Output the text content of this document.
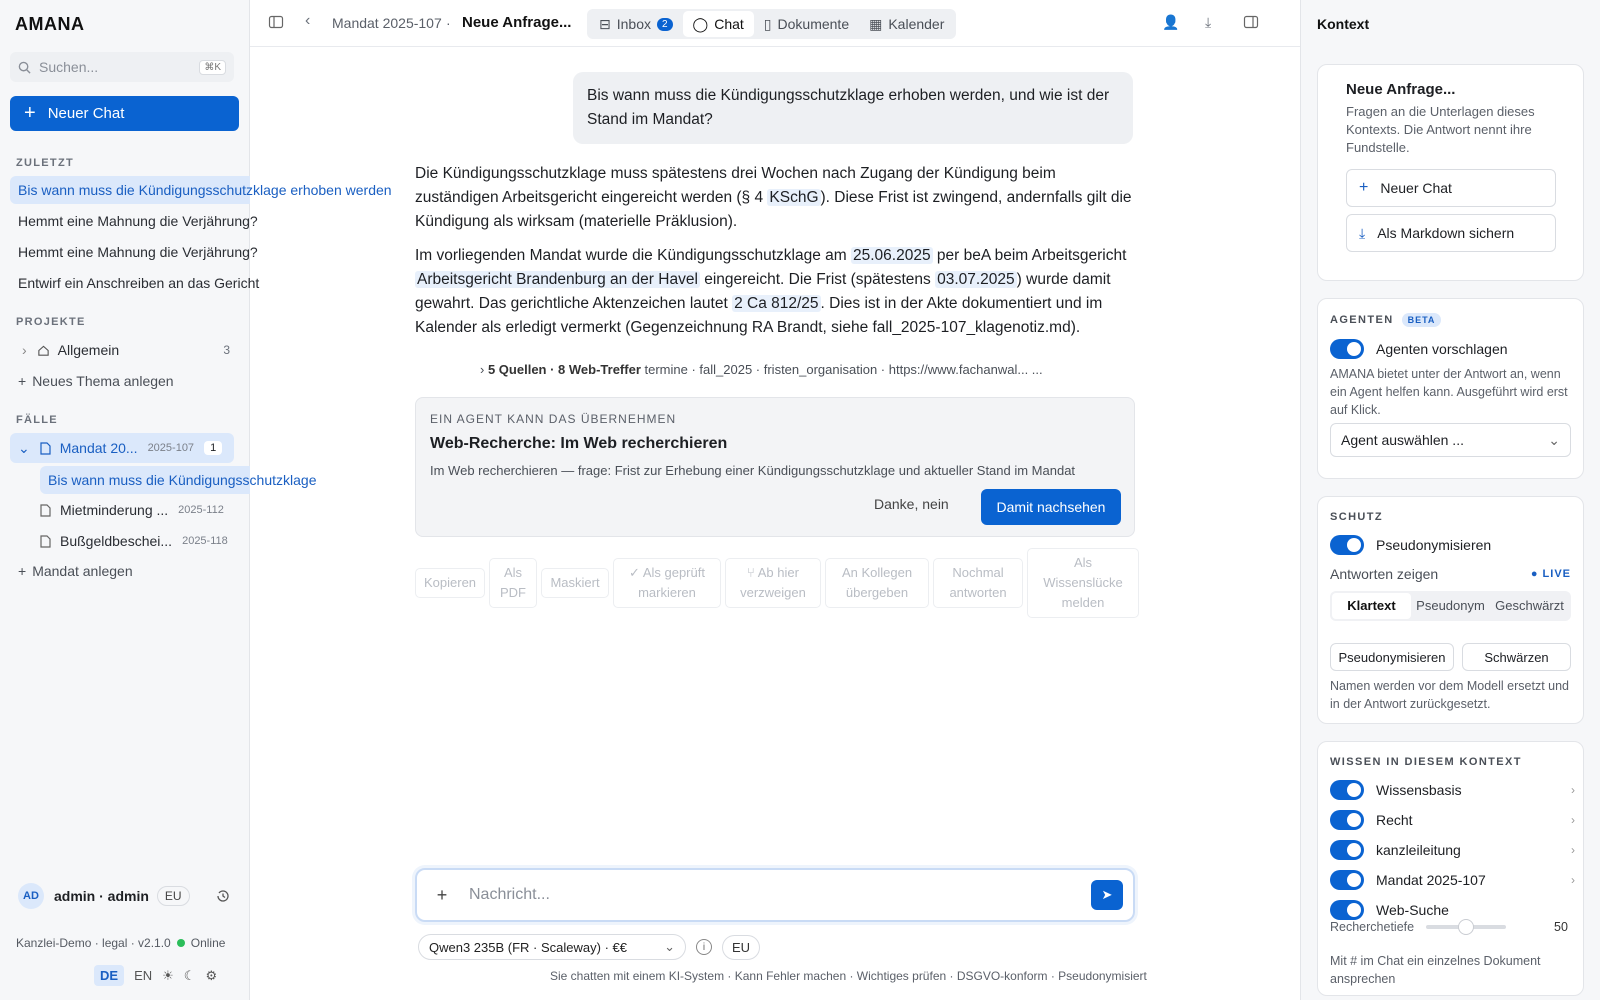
AMANA
Suchen...	⌘K
+ Neuer Chat
ZULETZT
Bis wann muss die Kündigungsschutzklage erhoben werden
Hemmt eine Mahnung die Verjährung?
Hemmt eine Mahnung die Verjährung?
Entwirf ein Anschreiben an das Gericht
PROJEKTE
› Allgemein	3
+ Neues Thema anlegen
FÄLLE
⌄ Mandat 20... 2025-107	1
Bis wann muss die Kündigungsschutzklage
Mietminderung ... 2025-112
Bußgeldbeschei... 2025-118
+ Mandat anlegen
AD	admin · admin	EU
Kanzlei-Demo · legal · v2.1.0 Online
DE	EN ☀ ☾ ⚙
‹ Mandat 2025-107 · Neue Anfrage... ⊟ Inbox	2	◯ Chat ▯ Dokumente ▦ Kalender	👤 ⤓
Bis wann muss die Kündigungsschutzklage erhoben werden, und wie ist der Stand im Mandat?

Die Kündigungsschutzklage muss spätestens drei Wochen nach Zugang der Kündigung beim zuständigen Arbeitsgericht eingereicht werden (§ 4 KSchG ). Diese Frist ist zwingend, andernfalls gilt die Kündigung als wirksam (materielle Präklusion).

Im vorliegenden Mandat wurde die Kündigungsschutzklage am 25.06.2025 per beA beim Arbeitsgericht Arbeitsgericht Brandenburg an der Havel eingereicht. Die Frist (spätestens 03.07.2025 ) wurde damit gewahrt. Das gerichtliche Aktenzeichen lautet 2 Ca 812/25 . Dies ist in der Akte dokumentiert und im Kalender als erledigt vermerkt (Gegenzeichnung RA Brandt, siehe fall_2025-107_klagenotiz.md).

› 5 Quellen · 8 Web-Treffer termine · fall_2025 · fristen_organisation · https://www.fachanwal... ...
EIN AGENT KANN DAS ÜBERNEHMEN
Web-Recherche: Im Web recherchieren
Im Web recherchieren — frage: Frist zur Erhebung einer Kündigungsschutzklage und aktueller Stand im Mandat
Danke, nein	Damit nachsehen
Kopieren
Als PDF
Maskiert
✓ Als geprüft markieren
⑂ Ab hier verzweigen
An Kollegen übergeben
Nochmal antworten
Als Wissenslücke melden
+	Nachricht...	➤
Qwen3 235B (FR · Scaleway) · €€	⌄	i	EU
Sie chatten mit einem KI-System · Kann Fehler machen · Wichtiges prüfen · DSGVO-konform · Pseudonymisiert
Kontext
Neue Anfrage...
Fragen an die Unterlagen dieses Kontexts. Die Antwort nennt ihre Fundstelle.
+ Neuer Chat
⤓ Als Markdown sichern
AGENTEN BETA
Agenten vorschlagen
AMANA bietet unter der Antwort an, wenn ein Agent helfen kann. Ausgeführt wird erst auf Klick.
Agent auswählen ...	⌄
SCHUTZ
Pseudonymisieren
Antworten zeigen	● LIVE
Klartext	Pseudonym Geschwärzt
Pseudonymisieren	Schwärzen
Namen werden vor dem Modell ersetzt und in der Antwort zurückgesetzt.
WISSEN IN DIESEM KONTEXT
Wissensbasis	›
Recht	›
kanzleileitung	›
Mandat 2025-107	›
Web-Suche
Recherchetiefe	50
Mit # im Chat ein einzelnes Dokument ansprechen
